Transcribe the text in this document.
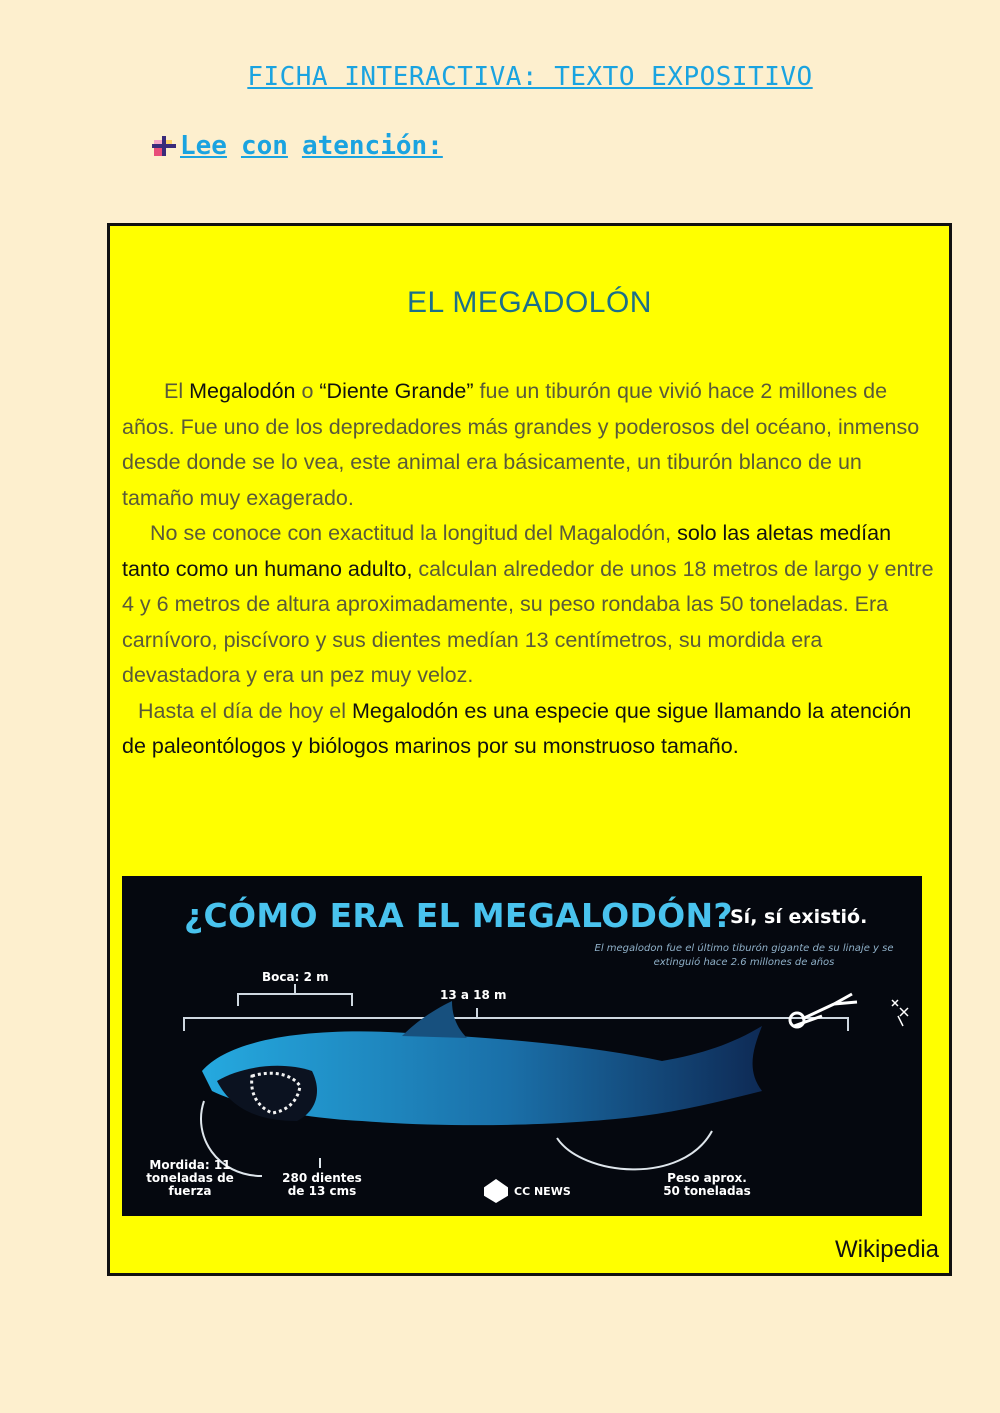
FICHA INTERACTIVA: TEXTO EXPOSITIVO
Lee con atención:
EL MEGADOLÓN

El Megalodón o “Diente Grande” fue un tiburón que vivió hace 2 millones de años. Fue uno de los depredadores más grandes y poderosos del océano, inmenso desde donde se lo vea, este animal era básicamente, un tiburón blanco de un tamaño muy exagerado.

No se conoce con exactitud la longitud del Magalodón, solo las aletas medían tanto como un humano adulto, calculan alrededor de unos 18 metros de largo y entre 4 y 6 metros de altura aproximadamente, su peso rondaba las 50 toneladas. Era carnívoro, piscívoro y sus dientes medían 13 centímetros, su mordida era devastadora y era un pez muy veloz.

Hasta el día de hoy el Megalodón es una especie que sigue llamando la atención de paleontólogos y biólogos marinos por su monstruoso tamaño.

¿CÓMO ERA EL MEGALODÓN?
Sí, sí existió.
El megalodon fue el último tiburón gigante de su linaje y se extinguió hace 2.6 millones de años
Boca: 2 m
13 a 18 m
Mordida: 11 toneladas de fuerza
280 dientes de 13 cms
Peso aprox. 50 toneladas
CC NEWS
Wikipedia
